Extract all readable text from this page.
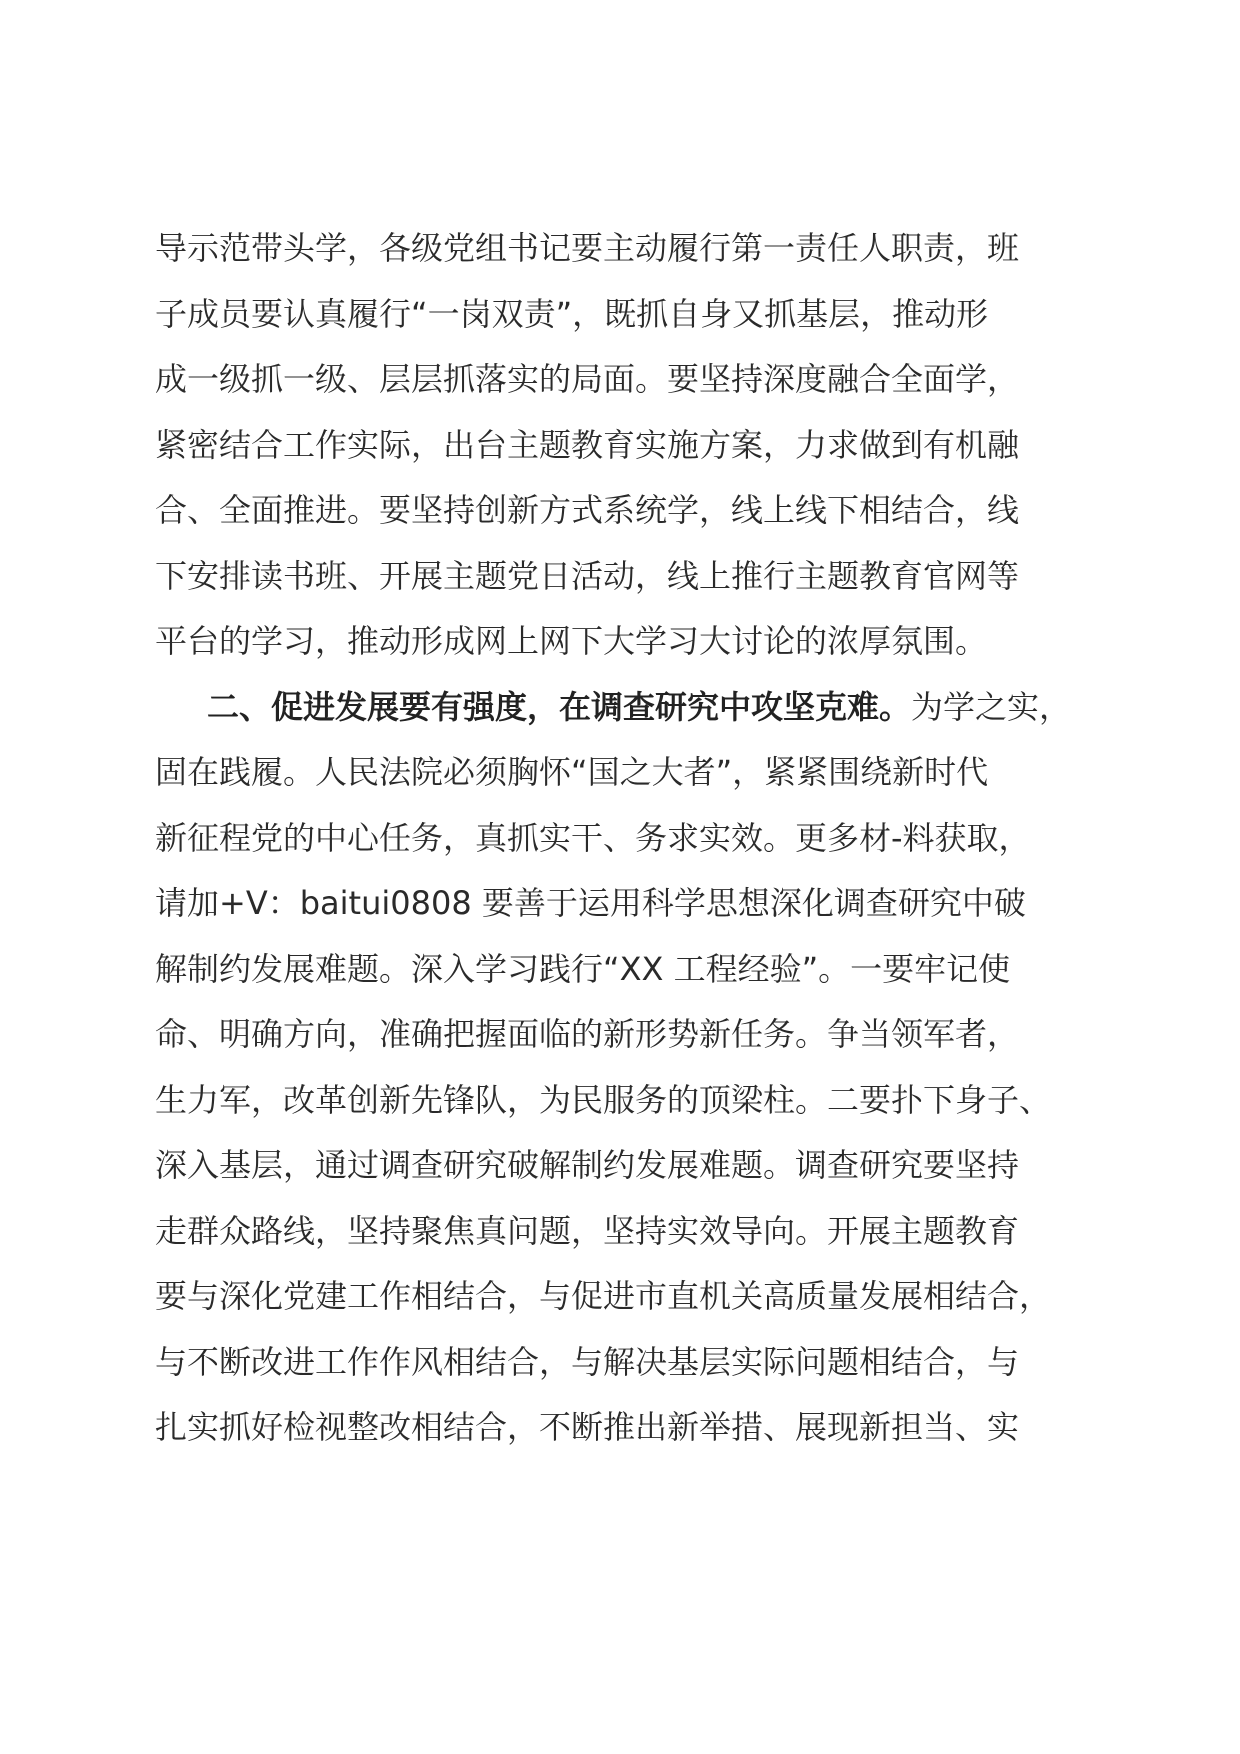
导示范带头学，各级党组书记要主动履行第一责任人职责，班
子成员要认真履行“一岗双责”，既抓自身又抓基层，推动形
成一级抓一级、层层抓落实的局面。要坚持深度融合全面学，
紧密结合工作实际，出台主题教育实施方案，力求做到有机融
合、全面推进。要坚持创新方式系统学，线上线下相结合，线
下安排读书班、开展主题党日活动，线上推行主题教育官网等
平台的学习，推动形成网上网下大学习大讨论的浓厚氛围。
二、促进发展要有强度，在调查研究中攻坚克难。为学之实，
固在践履。人民法院必须胸怀“国之大者”，紧紧围绕新时代
新征程党的中心任务，真抓实干、务求实效。更多材-料获取，
请加+V：baitui0808 要善于运用科学思想深化调查研究中破
解制约发展难题。深入学习践行“XX 工程经验”。一要牢记使
命、明确方向，准确把握面临的新形势新任务。争当领军者，
生力军，改革创新先锋队，为民服务的顶梁柱。二要扑下身子、
深入基层，通过调查研究破解制约发展难题。调查研究要坚持
走群众路线，坚持聚焦真问题，坚持实效导向。开展主题教育
要与深化党建工作相结合，与促进市直机关高质量发展相结合，
与不断改进工作作风相结合，与解决基层实际问题相结合，与
扎实抓好检视整改相结合，不断推出新举措、展现新担当、实
